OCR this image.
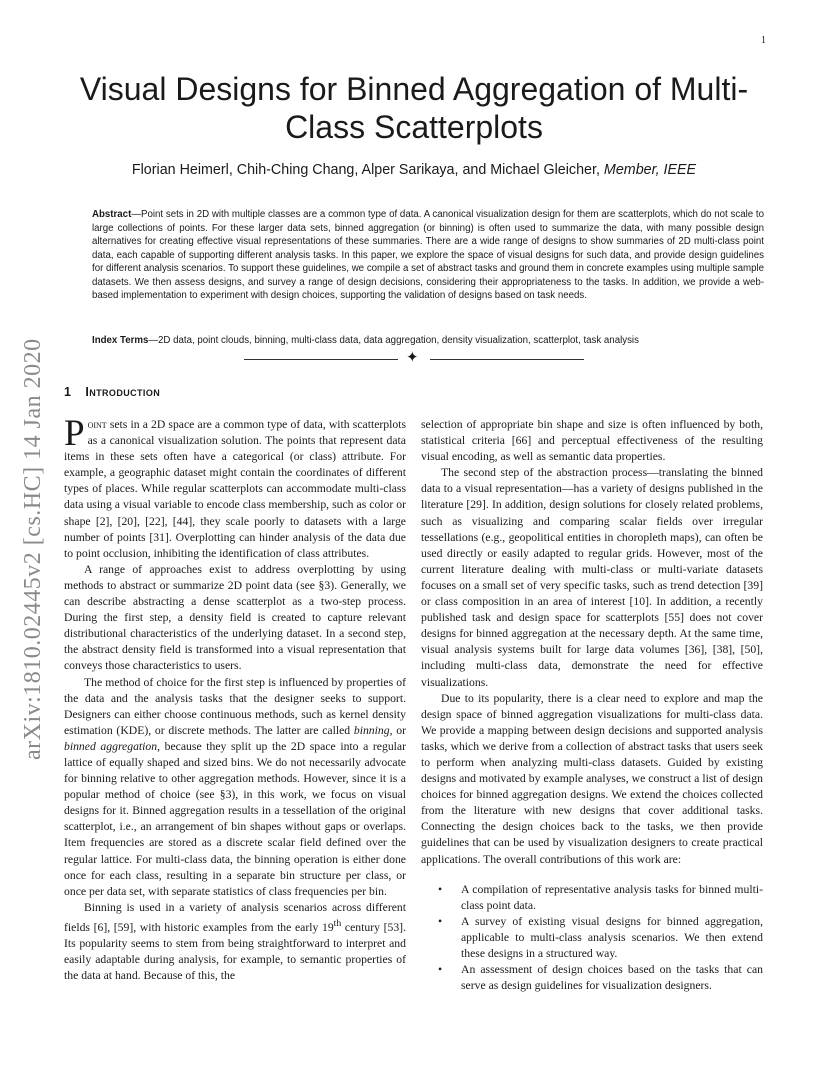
1
arXiv:1810.02445v2 [cs.HC] 14 Jan 2020
Visual Designs for Binned Aggregation of Multi-Class Scatterplots
Florian Heimerl, Chih-Ching Chang, Alper Sarikaya, and Michael Gleicher, Member, IEEE

Abstract—Point sets in 2D with multiple classes are a common type of data. A canonical visualization design for them are scatterplots, which do not scale to large collections of points. For these larger data sets, binned aggregation (or binning) is often used to summarize the data, with many possible design alternatives for creating effective visual representations of these summaries. There are a wide range of designs to show summaries of 2D multi-class point data, each capable of supporting different analysis tasks. In this paper, we explore the space of visual designs for such data, and provide design guidelines for different analysis scenarios. To support these guidelines, we compile a set of abstract tasks and ground them in concrete examples using multiple sample datasets. We then assess designs, and survey a range of design decisions, considering their appropriateness to the tasks. In addition, we provide a web-based implementation to experiment with design choices, supporting the validation of designs based on task needs.

Index Terms—2D data, point clouds, binning, multi-class data, data aggregation, density visualization, scatterplot, task analysis

✦
1 Introduction

Point sets in a 2D space are a common type of data, with scatterplots as a canonical visualization solution. The points that represent data items in these sets often have a categorical (or class) attribute. For example, a geographic dataset might contain the coordinates of different types of places. While regular scatterplots can accommodate multi-class data using a visual variable to encode class membership, such as color or shape [2], [20], [22], [44], they scale poorly to datasets with a large number of points [31]. Overplotting can hinder analysis of the data due to point occlusion, inhibiting the identification of class attributes.

A range of approaches exist to address overplotting by using methods to abstract or summarize 2D point data (see §3). Generally, we can describe abstracting a dense scatterplot as a two-step process. During the first step, a density field is created to capture relevant distributional characteristics of the underlying dataset. In a second step, the abstract density field is transformed into a visual representation that conveys those characteristics to users.

The method of choice for the first step is influenced by properties of the data and the analysis tasks that the designer seeks to support. Designers can either choose continuous methods, such as kernel density estimation (KDE), or discrete methods. The latter are called binning, or binned aggregation, because they split up the 2D space into a regular lattice of equally shaped and sized bins. We do not necessarily advocate for binning relative to other aggregation methods. However, since it is a popular method of choice (see §3), in this work, we focus on visual designs for it. Binned aggregation results in a tessellation of the original scatterplot, i.e., an arrangement of bin shapes without gaps or overlaps. Item frequencies are stored as a discrete scalar field defined over the regular lattice. For multi-class data, the binning operation is either done once for each class, resulting in a separate bin structure per class, or once per data set, with separate statistics of class frequencies per bin.

Binning is used in a variety of analysis scenarios across different fields [6], [59], with historic examples from the early 19th century [53]. Its popularity seems to stem from being straightforward to interpret and easily adaptable during analysis, for example, to semantic properties of the data at hand. Because of this, the

selection of appropriate bin shape and size is often influenced by both, statistical criteria [66] and perceptual effectiveness of the resulting visual encoding, as well as semantic data properties.

The second step of the abstraction process—translating the binned data to a visual representation—has a variety of designs published in the literature [29]. In addition, design solutions for closely related problems, such as visualizing and comparing scalar fields over irregular tessellations (e.g., geopolitical entities in choropleth maps), can often be used directly or easily adapted to regular grids. However, most of the current literature dealing with multi-class or multi-variate datasets focuses on a small set of very specific tasks, such as trend detection [39] or class composition in an area of interest [10]. In addition, a recently published task and design space for scatterplots [55] does not cover designs for binned aggregation at the necessary depth. At the same time, visual analysis systems built for large data volumes [36], [38], [50], including multi-class data, demonstrate the need for effective visualizations.

Due to its popularity, there is a clear need to explore and map the design space of binned aggregation visualizations for multi-class data. We provide a mapping between design decisions and supported analysis tasks, which we derive from a collection of abstract tasks that users seek to perform when analyzing multi-class datasets. Guided by existing designs and motivated by example analyses, we construct a list of design choices for binned aggregation designs. We extend the choices collected from the literature with new designs that cover additional tasks. Connecting the design choices back to the tasks, we then provide guidelines that can be used by visualization designers to create practical applications. The overall contributions of this work are:

• A compilation of representative analysis tasks for binned multi-class point data.
• A survey of existing visual designs for binned aggregation, applicable to multi-class analysis scenarios. We then extend these designs in a structured way.
• An assessment of design choices based on the tasks that can serve as design guidelines for visualization designers.
